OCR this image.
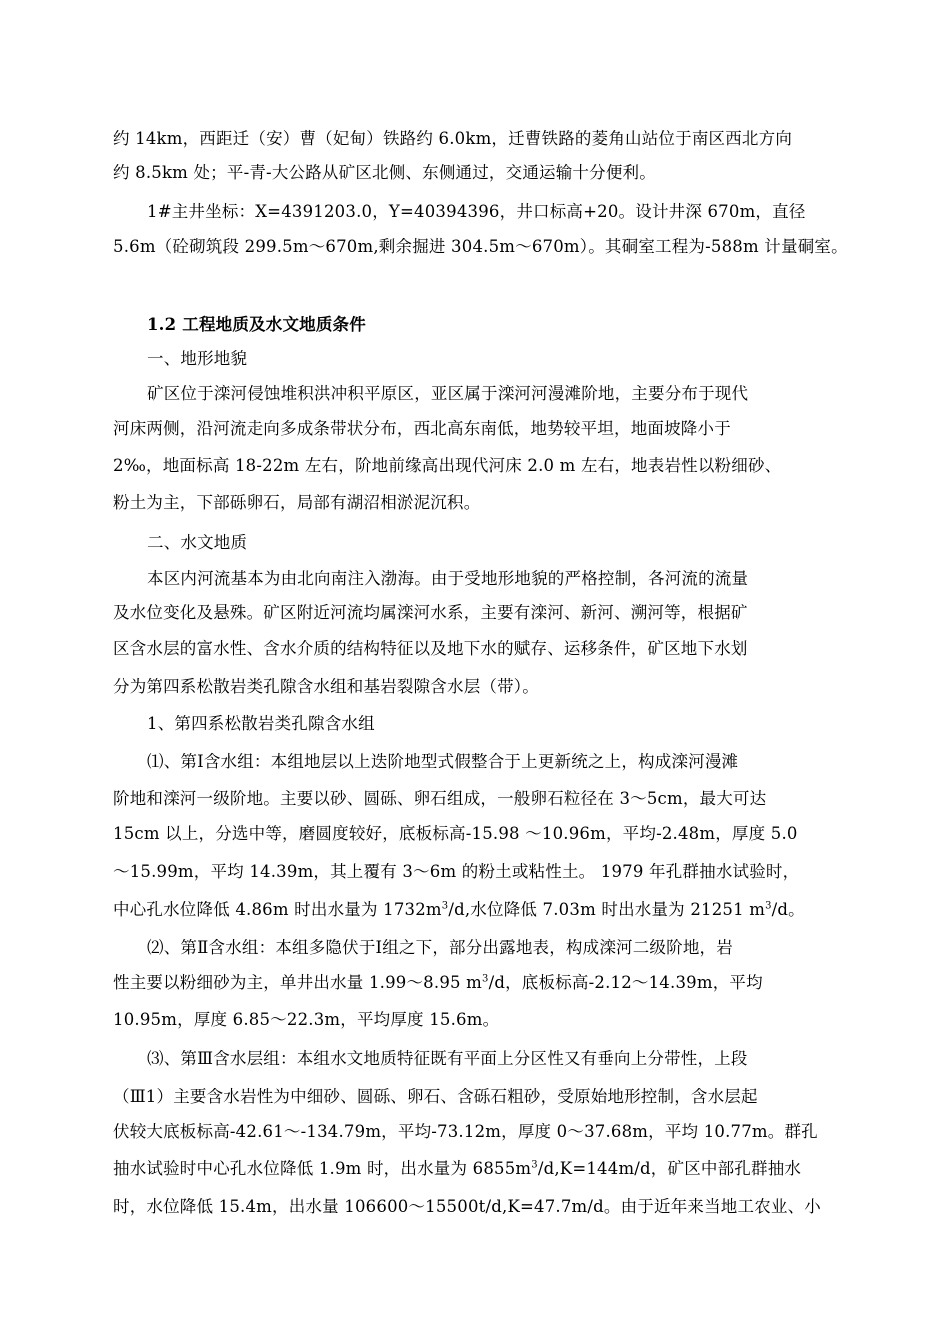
约 14km，西距迁（安）曹（妃甸）铁路约 6.0km，迁曹铁路的菱角山站位于南区西北方向
约 8.5km 处；平-青-大公路从矿区北侧、东侧通过，交通运输十分便利。
1#主井坐标：X=4391203.0，Y=40394396，井口标高+20。设计井深 670m，直径
5.6m（砼砌筑段 299.5m～670m,剩余掘进 304.5m～670m）。其硐室工程为-588m 计量硐室。
1.2 工程地质及水文地质条件
一、地形地貌
矿区位于滦河侵蚀堆积洪冲积平原区，亚区属于滦河河漫滩阶地，主要分布于现代
河床两侧，沿河流走向多成条带状分布，西北高东南低，地势较平坦，地面坡降小于
2‰，地面标高 18-22m 左右，阶地前缘高出现代河床 2.0 m 左右，地表岩性以粉细砂、
粉土为主，下部砾卵石，局部有湖沼相淤泥沉积。
二、水文地质
本区内河流基本为由北向南注入渤海。由于受地形地貌的严格控制，各河流的流量
及水位变化及悬殊。矿区附近河流均属滦河水系，主要有滦河、新河、溯河等，根据矿
区含水层的富水性、含水介质的结构特征以及地下水的赋存、运移条件，矿区地下水划
分为第四系松散岩类孔隙含水组和基岩裂隙含水层（带）。
1、第四系松散岩类孔隙含水组
⑴、第Ⅰ含水组：本组地层以上迭阶地型式假整合于上更新统之上，构成滦河漫滩
阶地和滦河一级阶地。主要以砂、圆砾、卵石组成，一般卵石粒径在 3～5cm，最大可达
15cm 以上，分选中等，磨圆度较好，底板标高-15.98 ～10.96m，平均-2.48m，厚度 5.0
～15.99m，平均 14.39m，其上覆有 3～6m 的粉土或粘性土。 1979 年孔群抽水试验时，
中心孔水位降低 4.86m 时出水量为 $1732m^3/d$,水位降低 7.03m 时出水量为 21251 $m^3/d$。
⑵、第Ⅱ含水组：本组多隐伏于Ⅰ组之下，部分出露地表，构成滦河二级阶地，岩
性主要以粉细砂为主，单井出水量 1.99～8.95 $m^3/d$，底板标高-2.12～14.39m，平均
10.95m，厚度 6.85～22.3m，平均厚度 15.6m。
⑶、第Ⅲ含水层组：本组水文地质特征既有平面上分区性又有垂向上分带性，上段
（Ⅲ1）主要含水岩性为中细砂、圆砾、卵石、含砾石粗砂，受原始地形控制，含水层起
伏较大底板标高-42.61～-134.79m，平均-73.12m，厚度 0～37.68m，平均 10.77m。群孔
抽水试验时中心孔水位降低 1.9m 时，出水量为 $6855m^3/d,K=144m/d$，矿区中部孔群抽水
时，水位降低 15.4m，出水量 106600～15500t/d,K=47.7m/d。由于近年来当地工农业、小
